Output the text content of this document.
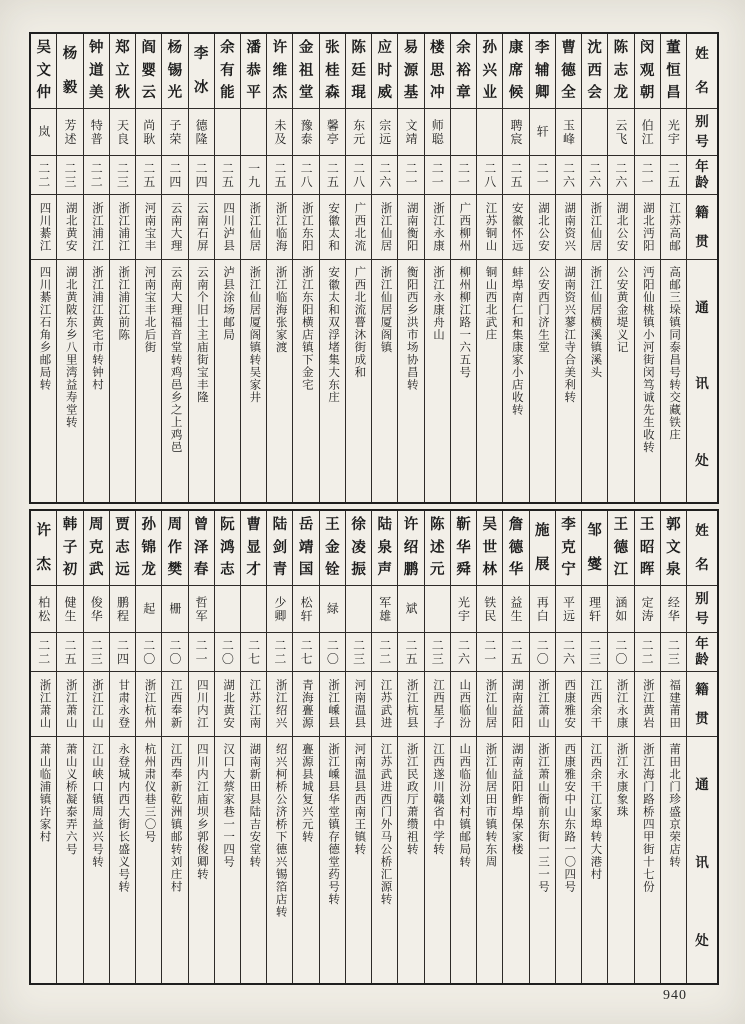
姓
名
别
号
年
龄
籍
贯
通
讯
处
董
恒
昌
光宇
二五
江苏高邮
高邮三垛镇同泰昌号转交藏铁庄
闵
观
朝
伯江
二一
湖北沔阳
沔阳仙桃镇小河街闵笃诚先生收转
陈
志
龙
云飞
二六
湖北公安
公安黄金堤义记
沈
西
会
二六
浙江仙居
浙江仙居横溪镇溪头
曹
德
全
玉峰
二六
湖南资兴
湖南资兴蓼江寺合美利转
李
辅
卿
轩
二一
湖北公安
公安西门济生堂
康
席
候
聘宸
二五
安徽怀远
蚌埠南仁和集康家小店收转
孙
兴
业
二八
江苏铜山
铜山西北武庄
余
裕
章
二一
广西柳州
柳州柳江路一六五号
楼
思
冲
师聪
二一
浙江永康
浙江永康舟山
易
源
基
文靖
二一
湖南衡阳
衡阳西乡洪市场协昌转
应
时
威
宗远
二六
浙江仙居
浙江仙居厦阁镇
陈
廷
琨
东元
二八
广西北流
广西北流瞢沐街成和
张
桂
森
馨亭
二五
安徽太和
安徽太和双浮堵集大东庄
金
祖
堂
豫泰
二八
浙江东阳
浙江东阳横店镇下金宅
许
维
杰
未及
二五
浙江临海
浙江临海张家渡
潘
恭
平
一九
浙江仙居
浙江仙居厦阁镇转吴家井
余
有
能
二五
四川泸县
泸县涂场邮局
李
冰
德隆
二四
云南石屏
云南个旧土主庙街宝丰隆
杨
锡
光
子荣
二四
云南大理
云南大理福音堂转鸡邑乡之上鸡邑
阎
婴
云
尚耿
二五
河南宝丰
河南宝丰北后街
郑
立
秋
天良
二三
浙江浦江
浙江浦江前陈
钟
道
美
特普
二二
浙江浦江
浙江浦江黄宅市转钟村
杨
毅
芳述
二三
湖北黄安
湖北黄陂东乡八里湾益寿堂转
吴
文
仲
岚
二二
四川綦江
四川綦江石角乡邮局转
姓
名
别
号
年
龄
籍
贯
通
讯
处
郭
文
泉
经华
二三
福建莆田
莆田北门珍盛京荣店转
王
昭
晖
定涛
二二
浙江黄岩
浙江海门路桥四甲街十七份
王
德
江
涵如
二〇
浙江永康
浙江永康象珠
邹
燮
理轩
二三
江西余干
江西余干江家埠转大港村
李
克
宁
平远
二六
西康雅安
西康雅安中山东路一〇四号
施
展
再白
二〇
浙江萧山
浙江萧山衙前东街一三一号
詹
德
华
益生
二五
湖南益阳
湖南益阳鲊埠保家楼
吴
世
林
铁民
二一
浙江仙居
浙江仙居田市镇转东周
靳
华
舜
光宇
二六
山西临汾
山西临汾刘村镇邮局转
陈
述
元
二三
江西星子
江西遂川赣省中学转
许
绍
鹏
斌
二五
浙江杭县
浙江民政厅萧缵祖转
陆
泉
声
军雄
二二
江苏武进
江苏武进西门外马公桥汇源转
徐
凌
振
二三
河南温县
河南温县西南王镇转
王
金
铨
緑
二〇
浙江嵊县
浙江嵊县华堂镇存德堂药号转
岳
靖
国
松轩
二七
青海亹源
亹源县城复兴元转
陆
剑
青
少卿
二二
浙江绍兴
绍兴柯桥公济桥下德兴锡箔店转
曹
显
才
二七
江苏江南
湖南新田县陆吉安堂转
阮
鸿
志
二〇
湖北黄安
汉口大蔡家巷一一四号
曾
泽
春
哲军
二一
四川内江
四川内江庙坝乡郭俊卿转
周
作
樊
栅
二〇
江西奉新
江西奉新乾洲镇邮转刘庄村
孙
锦
龙
起
二〇
浙江杭州
杭州肃仪巷三〇号
贾
志
远
鹏程
二四
甘肃永登
永登城内西大街长盛义号转
周
克
武
俊华
二三
浙江江山
江山峡口镇周益兴号转
韩
子
初
健生
二五
浙江萧山
萧山义桥凝泰弄六号
许
杰
柏松
二二
浙江萧山
萧山临浦镇许家村
940
